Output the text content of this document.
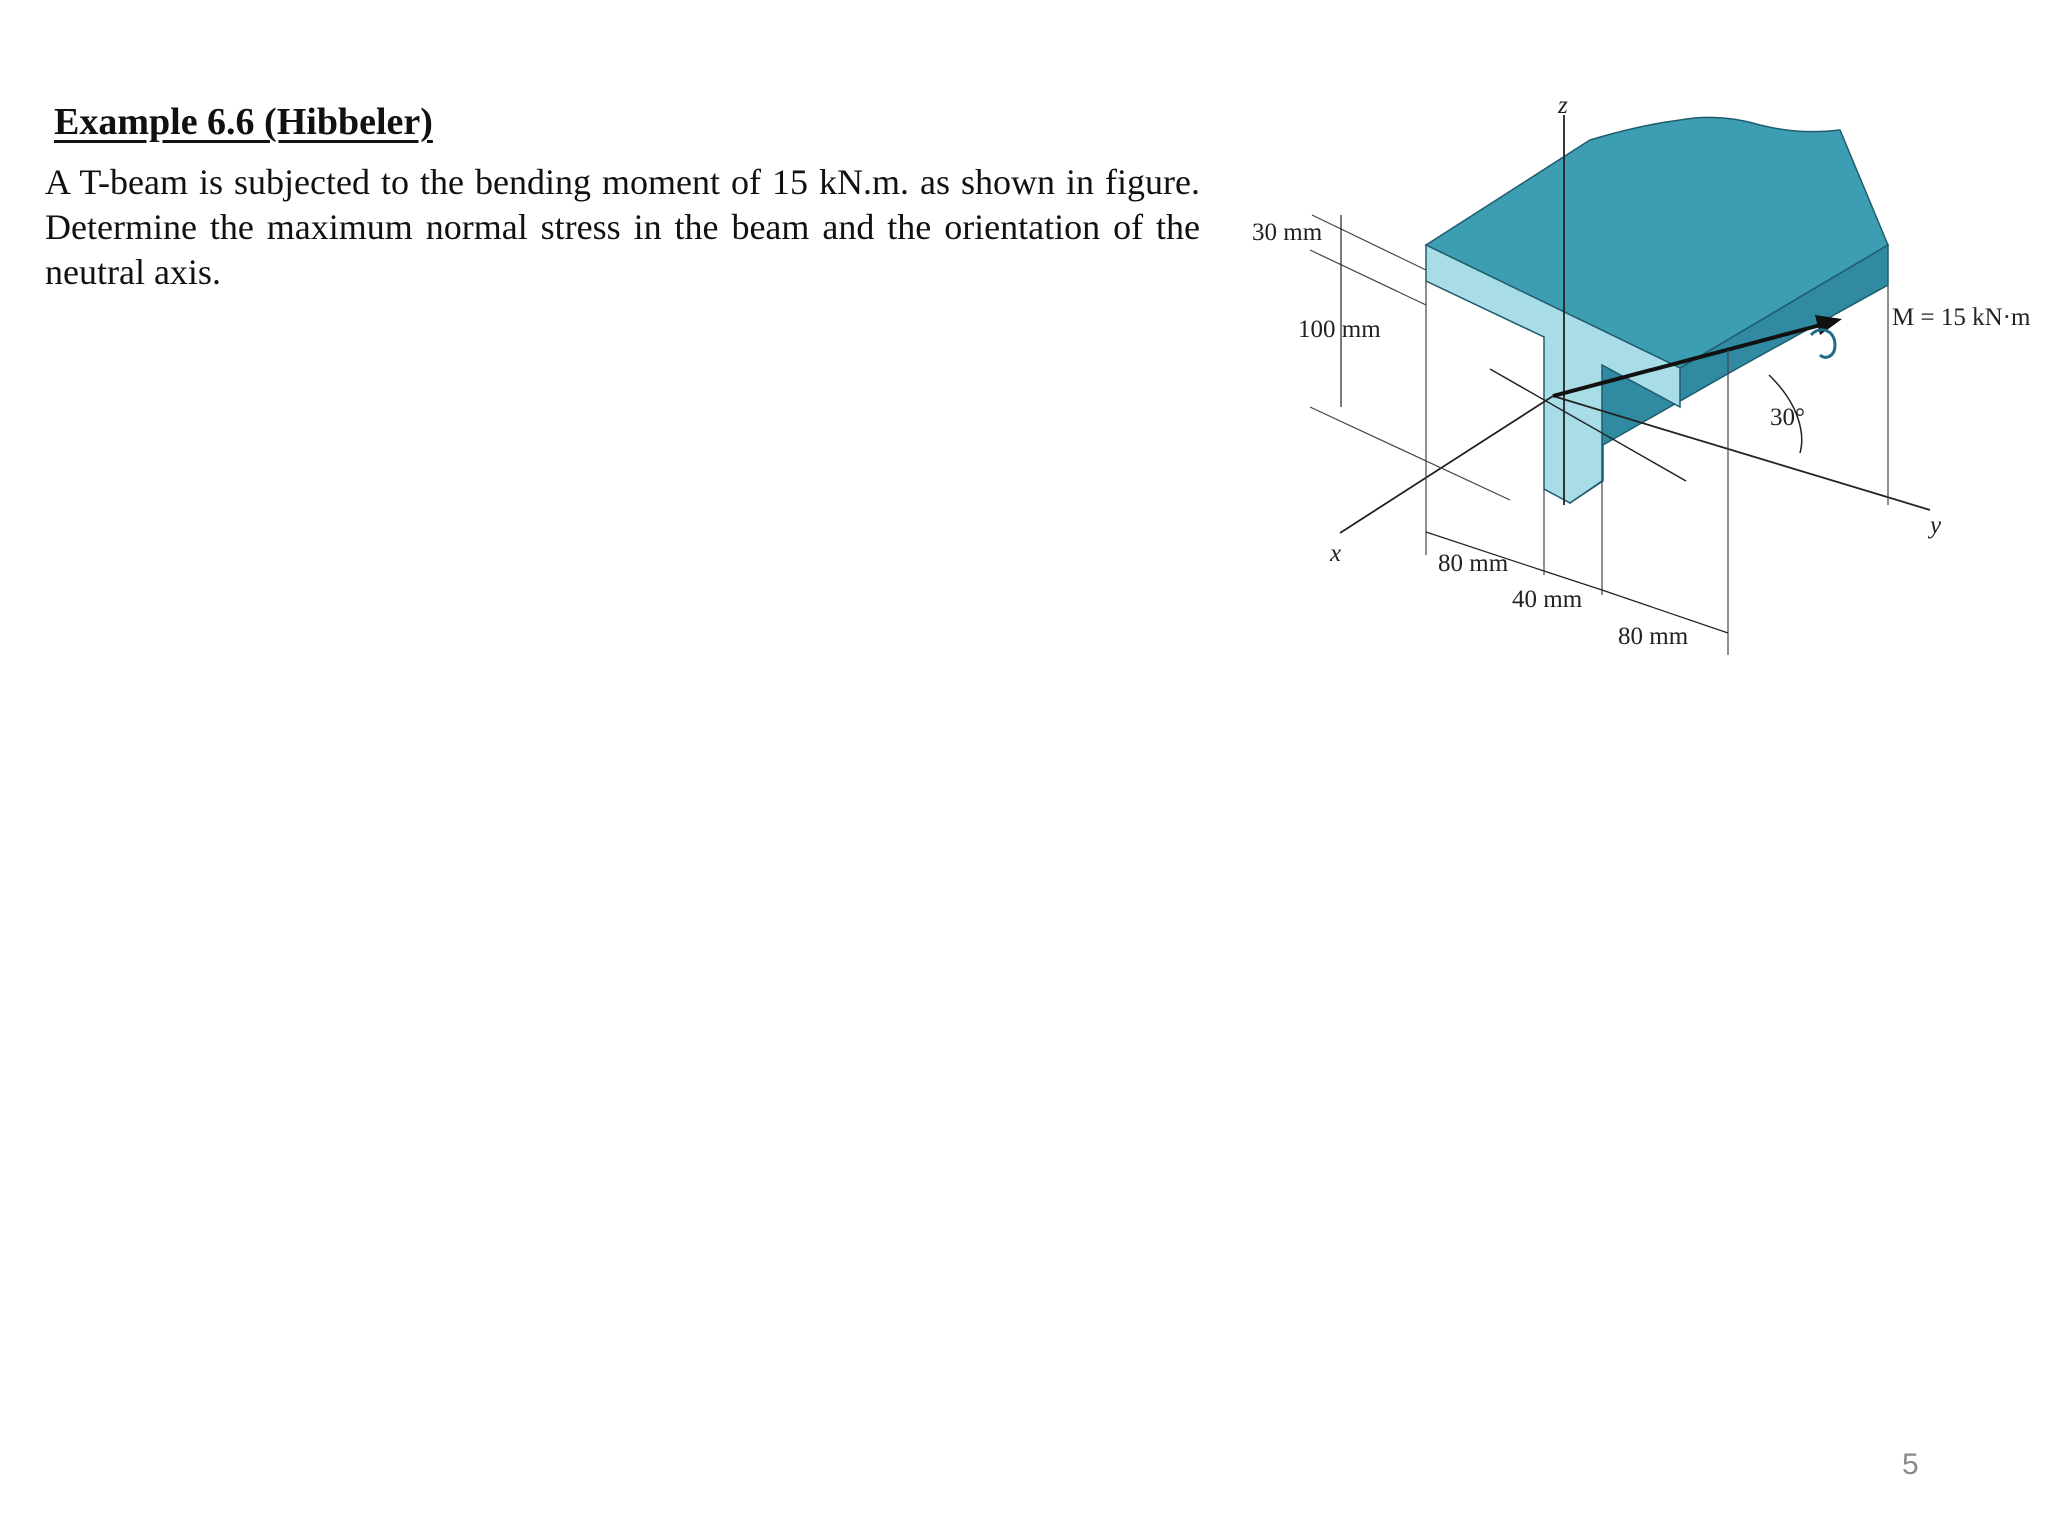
Example 6.6 (Hibbeler)
A T-beam is subjected to the bending moment of 15 kN.m. as shown in figure. Determine the maximum normal stress in the beam and the orientation of the neutral axis.
30 mm
100 mm
80 mm
40 mm
80 mm
M = 15 kN·m
30°
x
y
z
5
